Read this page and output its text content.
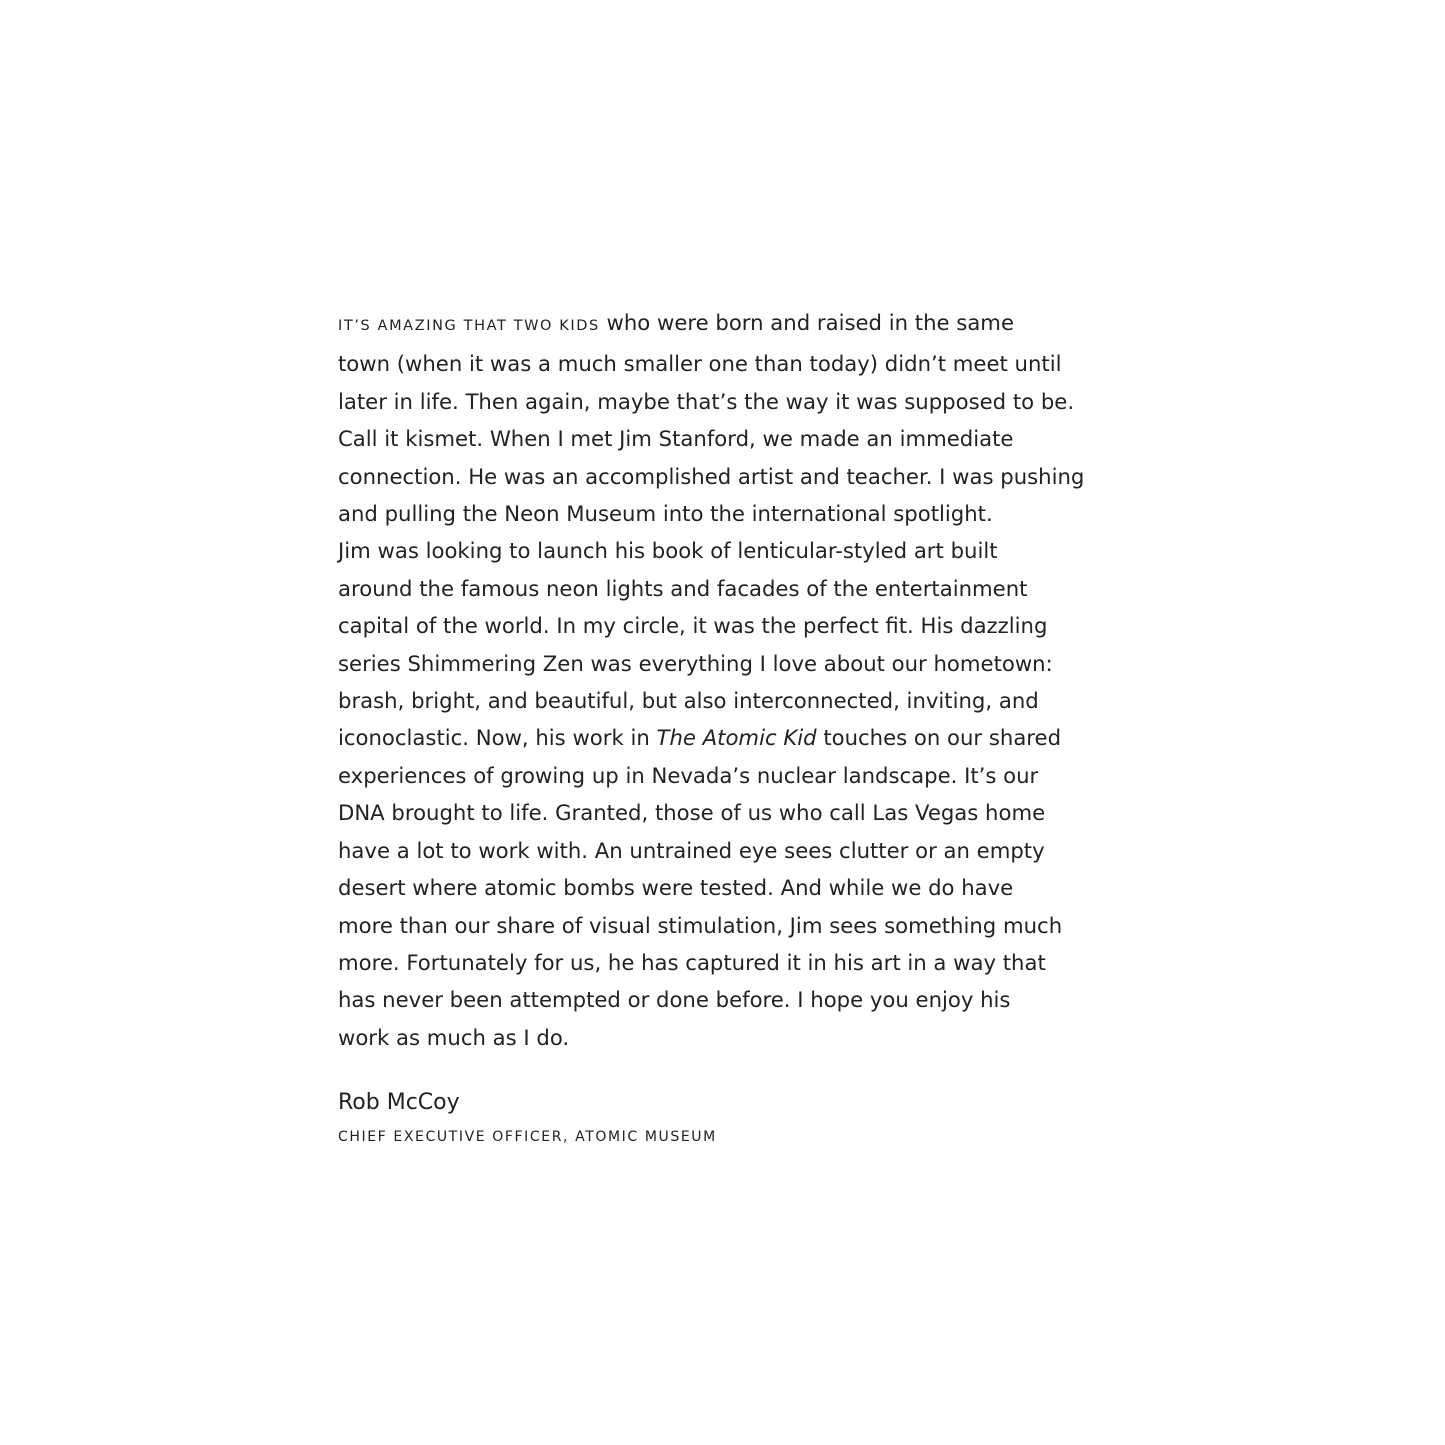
IT’S AMAZING THAT TWO KIDS who were born and raised in the same
town (when it was a much smaller one than today) didn’t meet until
later in life. Then again, maybe that’s the way it was supposed to be.
Call it kismet. When I met Jim Stanford, we made an immediate
connection. He was an accomplished artist and teacher. I was pushing
and pulling the Neon Museum into the international spotlight.
Jim was looking to launch his book of lenticular-styled art built
around the famous neon lights and facades of the entertainment
capital of the world. In my circle, it was the perfect fit. His dazzling
series Shimmering Zen was everything I love about our hometown:
brash, bright, and beautiful, but also interconnected, inviting, and
iconoclastic. Now, his work in The Atomic Kid touches on our shared
experiences of growing up in Nevada’s nuclear landscape. It’s our
DNA brought to life. Granted, those of us who call Las Vegas home
have a lot to work with. An untrained eye sees clutter or an empty
desert where atomic bombs were tested. And while we do have
more than our share of visual stimulation, Jim sees something much
more. Fortunately for us, he has captured it in his art in a way that
has never been attempted or done before. I hope you enjoy his
work as much as I do.

Rob McCoy

CHIEF EXECUTIVE OFFICER, ATOMIC MUSEUM
